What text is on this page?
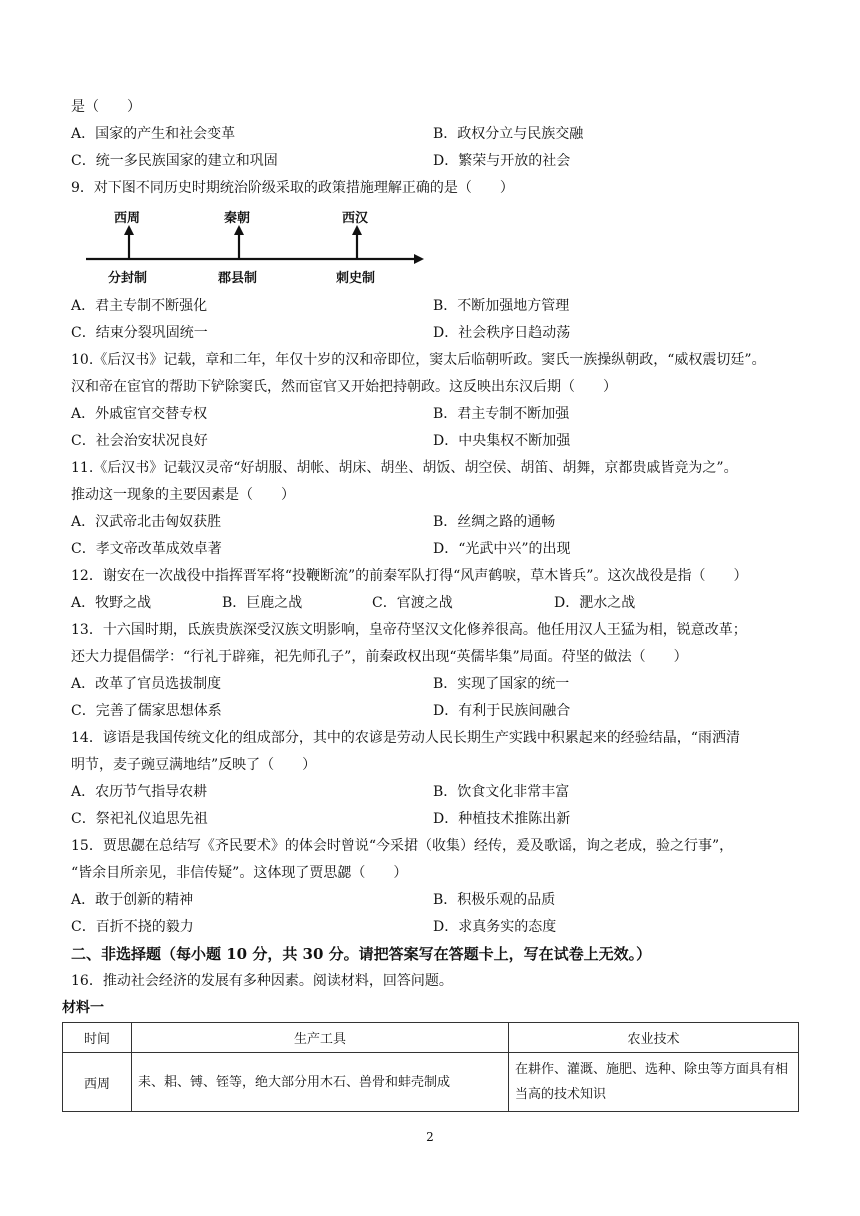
是（　　）
A．国家的产生和社会变革	B．政权分立与民族交融
C．统一多民族国家的建立和巩固	D．繁荣与开放的社会
9．对下图不同历史时期统治阶级采取的政策措施理解正确的是（　　）
西周	秦朝	西汉
分封制	郡县制	刺史制
A．君主专制不断强化	B．不断加强地方管理
C．结束分裂巩固统一	D．社会秩序日趋动荡
10.《后汉书》记载，章和二年，年仅十岁的汉和帝即位，窦太后临朝听政。窦氏一族操纵朝政，“威权震切廷”。
汉和帝在宦官的帮助下铲除窦氏，然而宦官又开始把持朝政。这反映出东汉后期（　　）
A．外戚宦官交替专权	B．君主专制不断加强
C．社会治安状况良好	D．中央集权不断加强
11.《后汉书》记载汉灵帝“好胡服、胡帐、胡床、胡坐、胡饭、胡空侯、胡笛、胡舞，京都贵戚皆竞为之”。
推动这一现象的主要因素是（　　）
A．汉武帝北击匈奴获胜	B．丝绸之路的通畅
C．孝文帝改革成效卓著	D．“光武中兴”的出现
12．谢安在一次战役中指挥晋军将“投鞭断流”的前秦军队打得“风声鹤唳，草木皆兵”。这次战役是指（　　）
A．牧野之战	B．巨鹿之战	C．官渡之战	D．淝水之战
13．十六国时期，氐族贵族深受汉族文明影响，皇帝苻坚汉文化修养很高。他任用汉人王猛为相，锐意改革；
还大力提倡儒学：“行礼于辟雍，祀先师孔子”，前秦政权出现“英儒毕集”局面。苻坚的做法（　　）
A．改革了官员选拔制度	B．实现了国家的统一
C．完善了儒家思想体系	D．有利于民族间融合
14．谚语是我国传统文化的组成部分，其中的农谚是劳动人民长期生产实践中积累起来的经验结晶，“雨洒清
明节，麦子豌豆满地结”反映了（　　）
A．农历节气指导农耕	B．饮食文化非常丰富
C．祭祀礼仪追思先祖	D．种植技术推陈出新
15．贾思勰在总结写《齐民要术》的体会时曾说“今采捃（收集）经传，爰及歌谣，询之老成，验之行事”，
“皆余目所亲见，非信传疑”。这体现了贾思勰（　　）
A．敢于创新的精神	B．积极乐观的品质
C．百折不挠的毅力	D．求真务实的态度
二、非选择题（每小题 10 分，共 30 分。请把答案写在答题卡上，写在试卷上无效。）
16．推动社会经济的发展有多种因素。阅读材料，回答问题。
材料一
时间	生产工具	农业技术
西周	耒、耜、镈、铚等，绝大部分用木石、兽骨和蚌壳制成	在耕作、灌溉、施肥、选种、除虫等方面具有相当高的技术知识
2
